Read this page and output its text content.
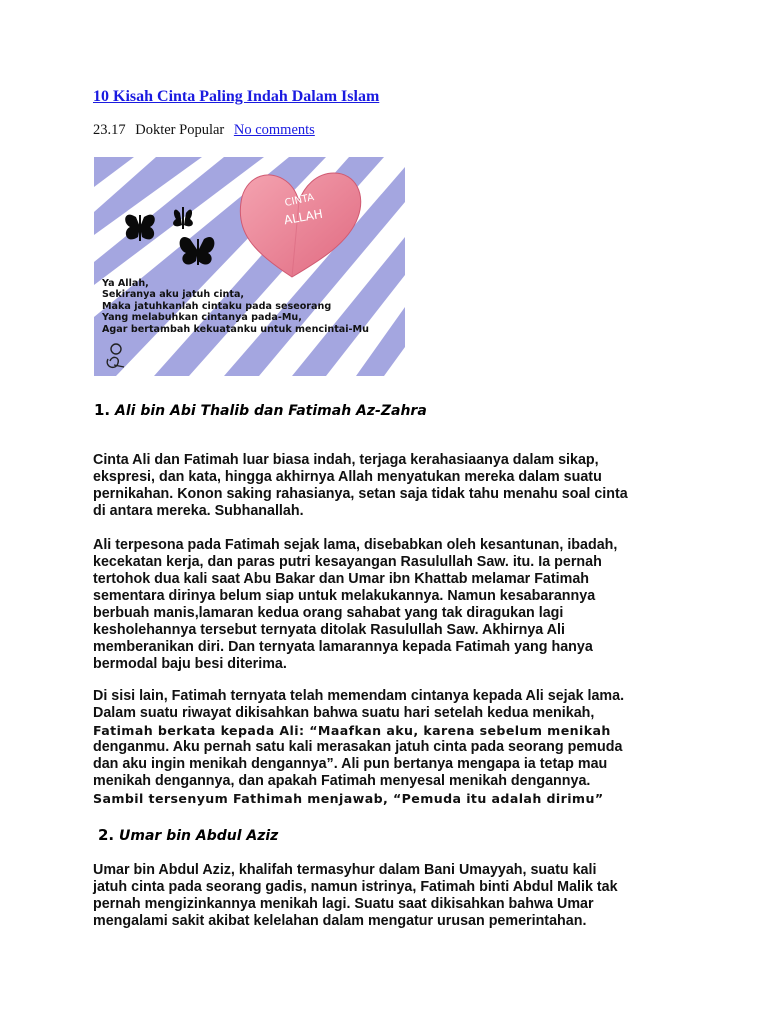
10 Kisah Cinta Paling Indah Dalam Islam
23.17 Dokter Popular No comments
CINTA
ALLAH
Ya Allah,
Sekiranya aku jatuh cinta,
Maka jatuhkanlah cintaku pada seseorang
Yang melabuhkan cintanya pada-Mu,
Agar bertambah kekuatanku untuk mencintai-Mu
1. Ali bin Abi Thalib dan Fatimah Az-Zahra
Cinta Ali dan Fatimah luar biasa indah, terjaga kerahasiaanya dalam sikap,
ekspresi, dan kata, hingga akhirnya Allah menyatukan mereka dalam suatu
pernikahan. Konon saking rahasianya, setan saja tidak tahu menahu soal cinta
di antara mereka. Subhanallah.
Ali terpesona pada Fatimah sejak lama, disebabkan oleh kesantunan, ibadah,
kecekatan kerja, dan paras putri kesayangan Rasulullah Saw. itu. Ia pernah
tertohok dua kali saat Abu Bakar dan Umar ibn Khattab melamar Fatimah
sementara dirinya belum siap untuk melakukannya. Namun kesabarannya
berbuah manis,lamaran kedua orang sahabat yang tak diragukan lagi
kesholehannya tersebut ternyata ditolak Rasulullah Saw. Akhirnya Ali
memberanikan diri. Dan ternyata lamarannya kepada Fatimah yang hanya
bermodal baju besi diterima.
Di sisi lain, Fatimah ternyata telah memendam cintanya kepada Ali sejak lama.
Dalam suatu riwayat dikisahkan bahwa suatu hari setelah kedua menikah,
Fatimah berkata kepada Ali: “Maafkan aku, karena sebelum menikah
denganmu. Aku pernah satu kali merasakan jatuh cinta pada seorang pemuda
dan aku ingin menikah dengannya”. Ali pun bertanya mengapa ia tetap mau
menikah dengannya, dan apakah Fatimah menyesal menikah dengannya.
Sambil tersenyum Fathimah menjawab, “Pemuda itu adalah dirimu”
2. Umar bin Abdul Aziz
Umar bin Abdul Aziz, khalifah termasyhur dalam Bani Umayyah, suatu kali
jatuh cinta pada seorang gadis, namun istrinya, Fatimah binti Abdul Malik tak
pernah mengizinkannya menikah lagi. Suatu saat dikisahkan bahwa Umar
mengalami sakit akibat kelelahan dalam mengatur urusan pemerintahan.
